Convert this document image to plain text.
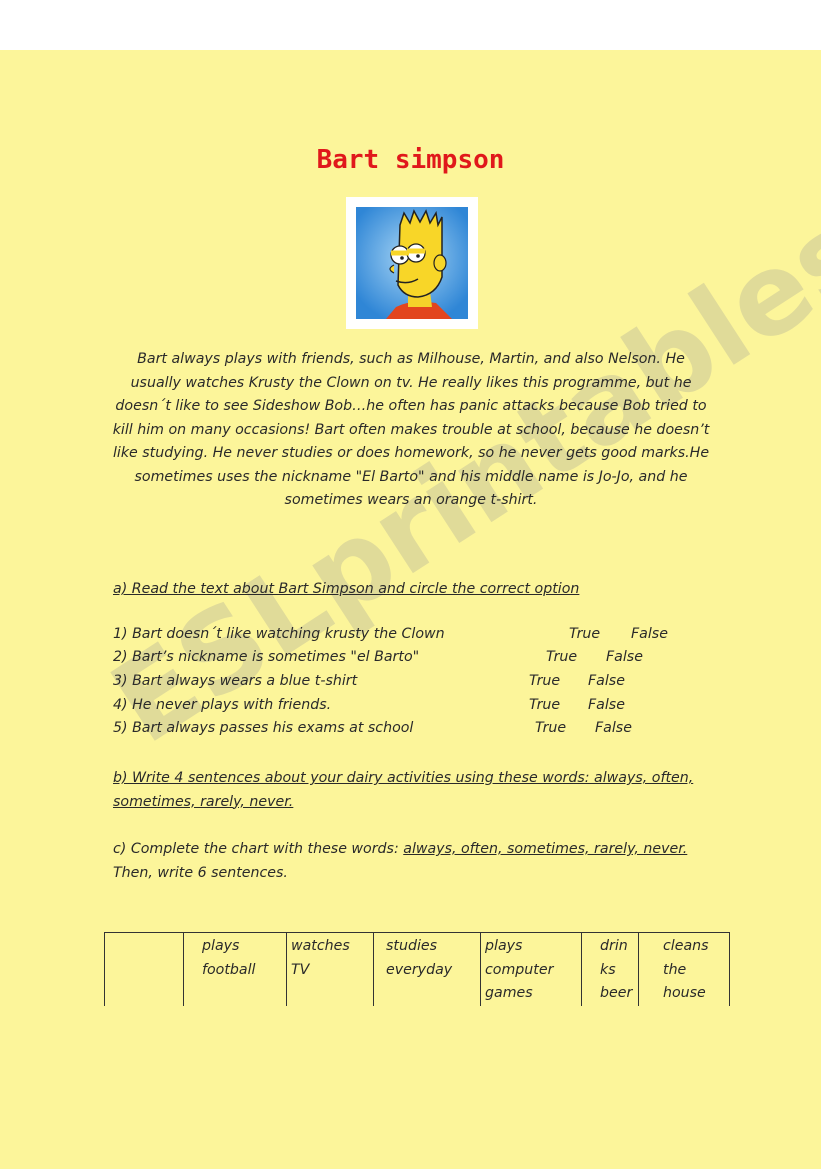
Bart simpson

Bart always plays with friends, such as Milhouse, Martin, and also Nelson. He usually watches Krusty the Clown on tv. He really likes this programme, but he doesn´t like to see Sideshow Bob…he often has panic attacks because Bob tried to kill him on many occasions! Bart often makes trouble at school, because he doesn’t like studying. He never studies or does homework, so he never gets good marks.He sometimes uses the nickname "El Barto" and his middle name is Jo-Jo, and he sometimes wears an orange t-shirt.

a) Read the text about Bart Simpson and circle the correct option

1) Bart doesn´t like watching krusty the Clown	True False

2) Bart’s nickname is sometimes "el Barto"	True False

3) Bart always wears a blue t-shirt	True False

4) He never plays with friends.	True False

5) Bart always passes his exams at school	True False

b) Write 4 sentences about your dairy activities using these words: always, often, sometimes, rarely, never.

c) Complete the chart with these words: always, often, sometimes, rarely, never. Then, write 6 sentences.

	plays football	watches TV	studies everyday	plays computer games	drin ks beer	cleans the house
